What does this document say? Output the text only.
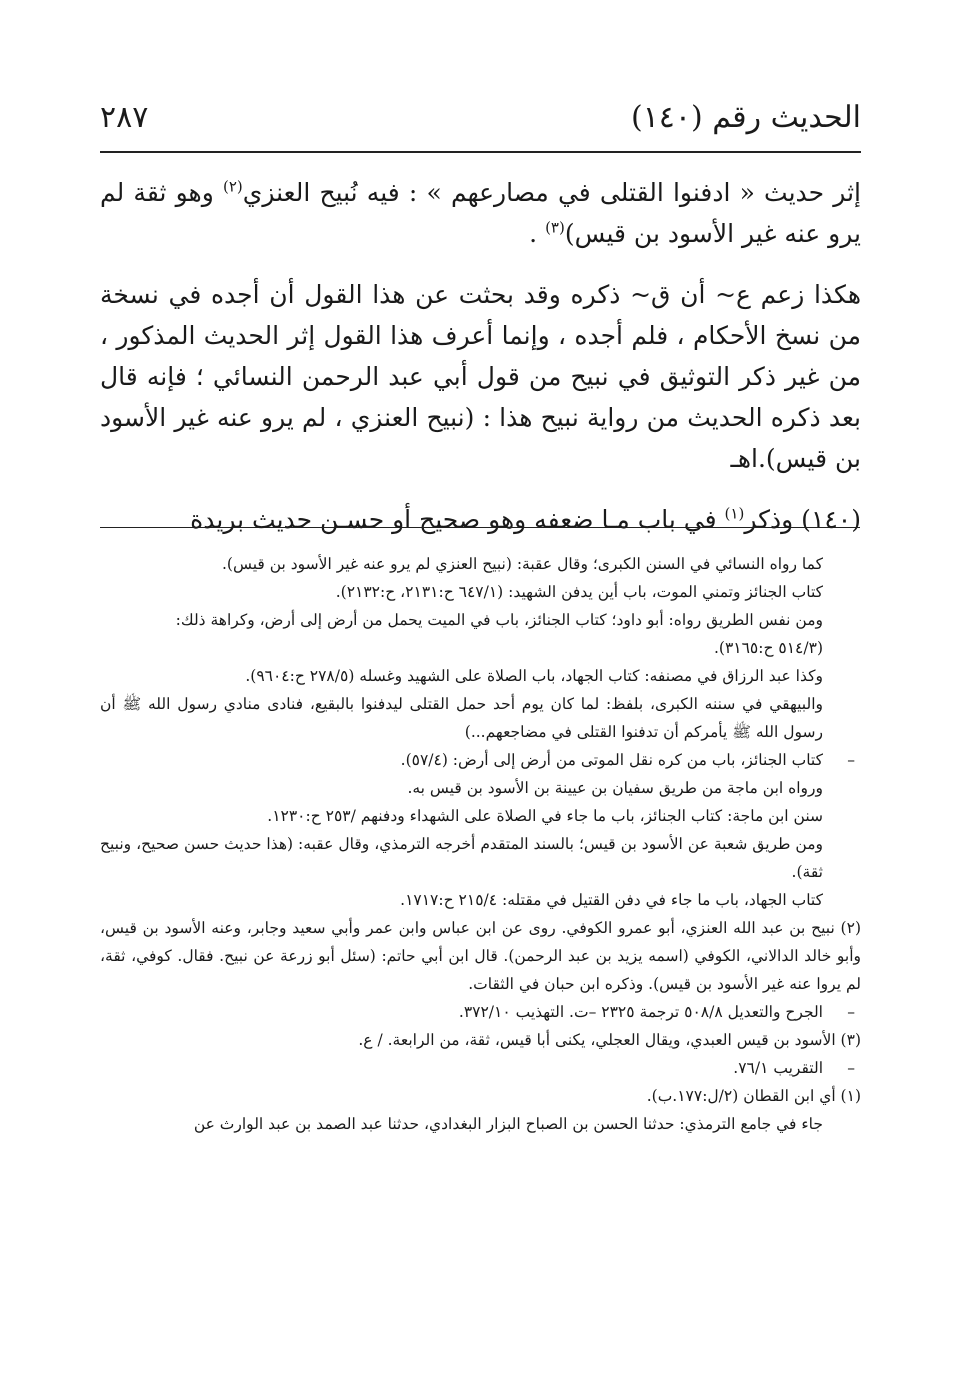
الحديث رقم (١٤٠)
٢٨٧

إثر حديث « ادفنوا القتلى في مصارعهم » : فيه نُبيح العنزي$^{(٢)}$ وهو ثقة لم يرو عنه غير الأسود بن قيس)$^{(٣)}$ .

هكذا زعم ع~ أن ق~ ذكره وقد بحثت عن هذا القول أن أجده في نسخة من نسخ الأحكام ، فلم أجده ، وإنما أعرف هذا القول إثر الحديث المذكور ، من غير ذكر التوثيق في نبيح من قول أبي عبد الرحمن النسائي ؛ فإنه قال بعد ذكره الحديث من رواية نبيح هذا : (نبيح العنزي ، لم يرو عنه غير الأسود بن قيس).اهـ

(١٤٠) وذكر$^{(١)}$ في باب مـا ضعفه وهو صحيح أو حسـن حديث بريدة

كما رواه النسائي في السنن الكبرى؛ وقال عقبة: (نبيح العنزي لم يرو عنه غير الأسود بن قيس).

كتاب الجنائز وتمني الموت، باب أين يدفن الشهيد: (٦٤٧/١ ح:٢١٣١، ح:٢١٣٢).

ومن نفس الطريق رواه: أبو داود؛ كتاب الجنائز، باب في الميت يحمل من أرض إلى أرض، وكراهة ذلك:

(٥١٤/٣ ح:٣١٦٥).

وكذا عبد الرزاق في مصنفه: كتاب الجهاد، باب الصلاة على الشهيد وغسله (٢٧٨/٥ ح:٩٦٠٤).

والبيهقي في سننه الكبرى، بلفظ: لما كان يوم أحد حمل القتلى ليدفنوا بالبقيع، فنادى منادي رسول الله ﷺ أن رسول الله ﷺ يأمركم أن تدفنوا القتلى في مضاجعهم...)

–
كتاب الجنائز، باب من كره نقل الموتى من أرض إلى أرض: (٥٧/٤).

ورواه ابن ماجة من طريق سفيان بن عيينة بن الأسود بن قيس به.

سنن ابن ماجة: كتاب الجنائز، باب ما جاء في الصلاة على الشهداء ودفنهم /٢٥٣ ح:١٢٣٠.

ومن طريق شعبة عن الأسود بن قيس؛ بالسند المتقدم أخرجه الترمذي، وقال عقبه: (هذا حديث حسن صحيح، ونبيح ثقة).

كتاب الجهاد، باب ما جاء في دفن القتيل في مقتله: ٢١٥/٤ ح:١٧١٧.

(٢) نبيح بن عبد الله العنزي، أبو عمرو الكوفي. روى عن ابن عباس وابن عمر وأبي سعيد وجابر، وعنه الأسود بن قيس، وأبو خالد الدالاني، الكوفي (اسمه يزيد بن عبد الرحمن). قال ابن أبي حاتم: (سئل أبو زرعة عن نبيح. فقال. كوفي، ثقة، لم يروا عنه غير الأسود بن قيس). وذكره ابن حبان في الثقات.

–
الجرح والتعديل ٥٠٨/٨ ترجمة ٢٣٢٥ –ت. التهذيب ٣٧٢/١٠.

(٣) الأسود بن قيس العبدي، ويقال العجلي، يكنى أبا قيس، ثقة، من الرابعة. / ع.

–
التقريب ٧٦/١.

(١) أي ابن القطان (٢/ل:١٧٧.ب).

جاء في جامع الترمذي: حدثنا الحسن بن الصباح البزار البغدادي، حدثنا عبد الصمد بن عبد الوارث عن
